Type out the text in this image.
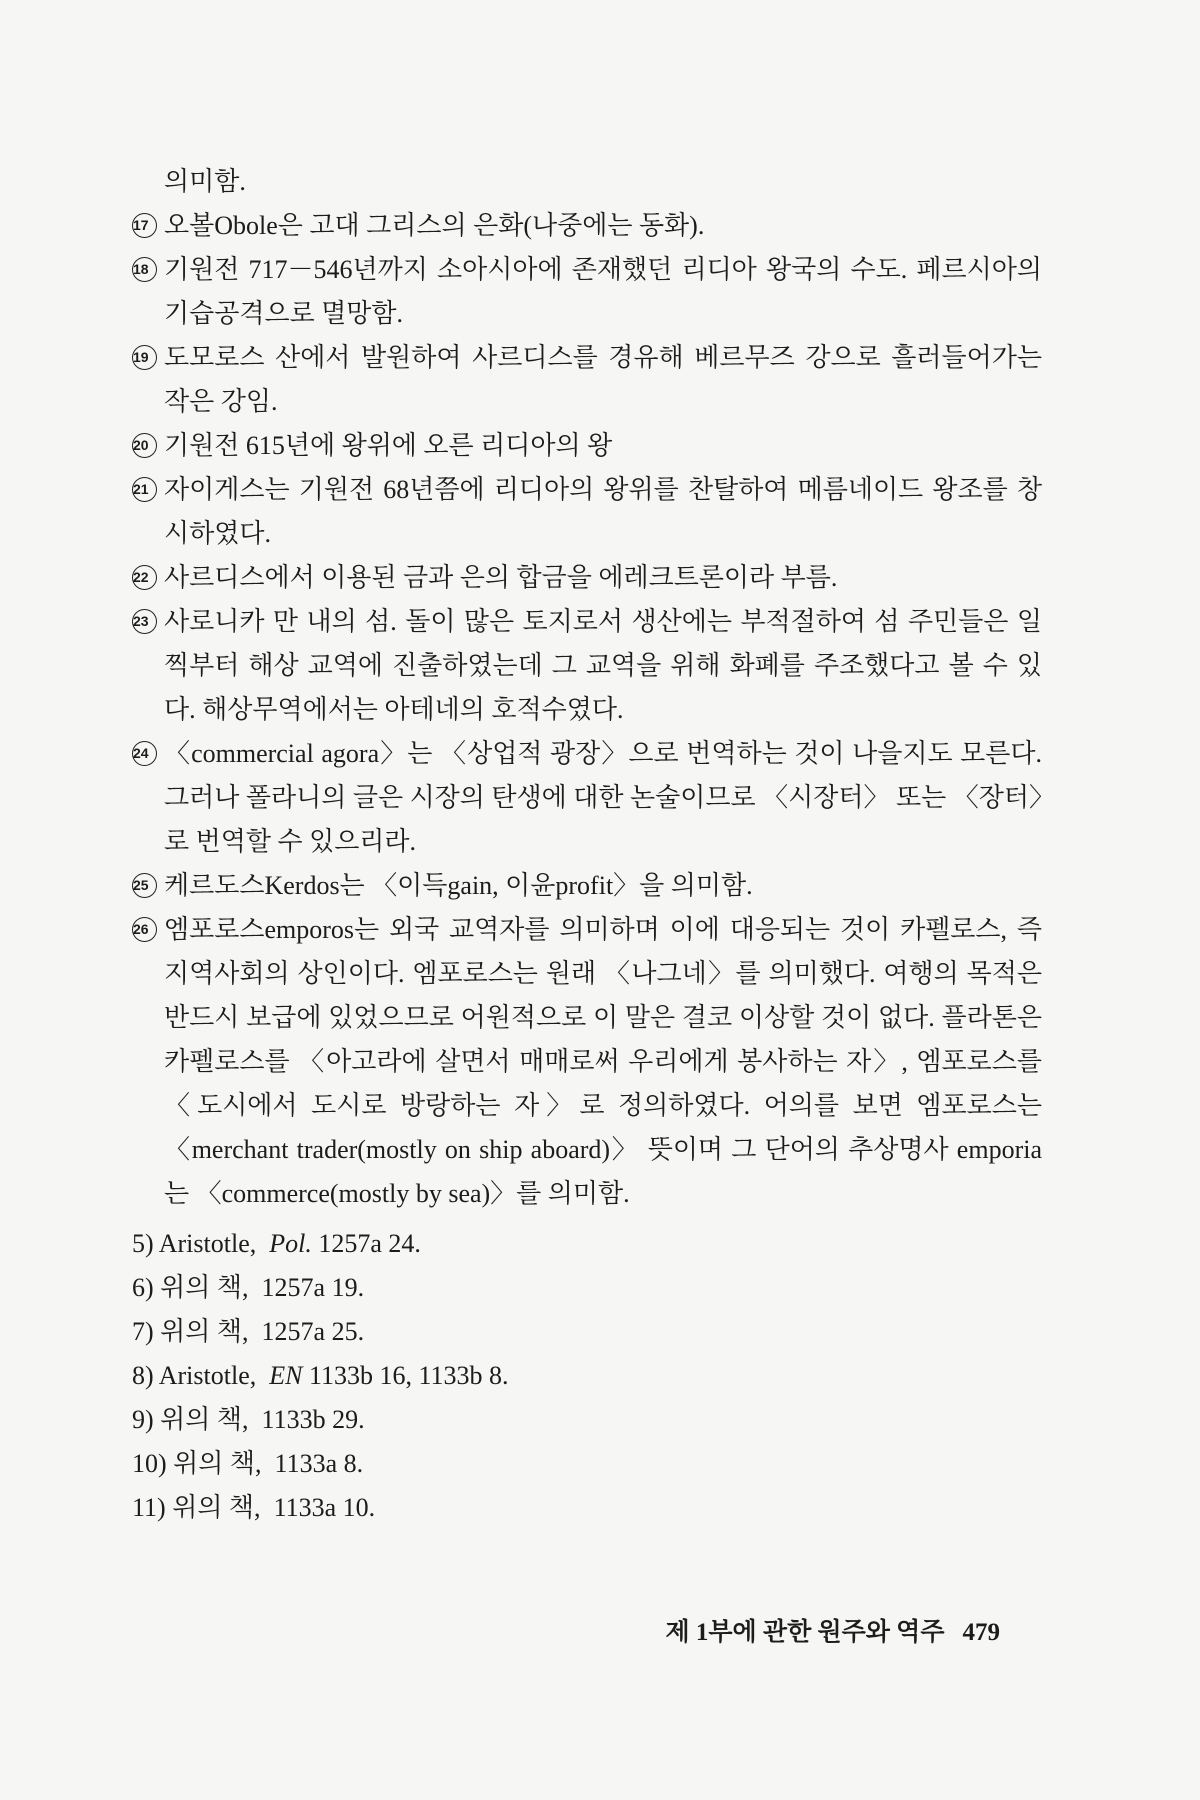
의미함.

17 오볼Obole은 고대 그리스의 은화(나중에는 동화).

18 기원전 717－546년까지 소아시아에 존재했던 리디아 왕국의 수도. 페르시아의 기습공격으로 멸망함.

19 도모로스 산에서 발원하여 사르디스를 경유해 베르무즈 강으로 흘러들어가는 작은 강임.

20 기원전 615년에 왕위에 오른 리디아의 왕

21 자이게스는 기원전 68년쯤에 리디아의 왕위를 찬탈하여 메름네이드 왕조를 창시하였다.

22 사르디스에서 이용된 금과 은의 합금을 에레크트론이라 부름.

23 사로니카 만 내의 섬. 돌이 많은 토지로서 생산에는 부적절하여 섬 주민들은 일찍부터 해상 교역에 진출하였는데 그 교역을 위해 화폐를 주조했다고 볼 수 있다. 해상무역에서는 아테네의 호적수였다.

24 〈commercial agora〉는 〈상업적 광장〉으로 번역하는 것이 나을지도 모른다. 그러나 폴라니의 글은 시장의 탄생에 대한 논술이므로 〈시장터〉 또는 〈장터〉로 번역할 수 있으리라.

25 케르도스Kerdos는 〈이득gain, 이윤profit〉을 의미함.

26 엠포로스emporos는 외국 교역자를 의미하며 이에 대응되는 것이 카펠로스, 즉 지역사회의 상인이다. 엠포로스는 원래 〈나그네〉를 의미했다. 여행의 목적은 반드시 보급에 있었으므로 어원적으로 이 말은 결코 이상할 것이 없다. 플라톤은 카펠로스를 〈아고라에 살면서 매매로써 우리에게 봉사하는 자〉, 엠포로스를 〈도시에서 도시로 방랑하는 자〉로 정의하였다. 어의를 보면 엠포로스는 〈merchant trader(mostly on ship aboard)〉 뜻이며 그 단어의 추상명사 emporia는 〈commerce(mostly by sea)〉를 의미함.

5) Aristotle, Pol. 1257a 24.

6) 위의 책, 1257a 19.

7) 위의 책, 1257a 25.

8) Aristotle, EN 1133b 16, 1133b 8.

9) 위의 책, 1133b 29.

10) 위의 책, 1133a 8.

11) 위의 책, 1133a 10.

제 1부에 관한 원주와 역주 479
